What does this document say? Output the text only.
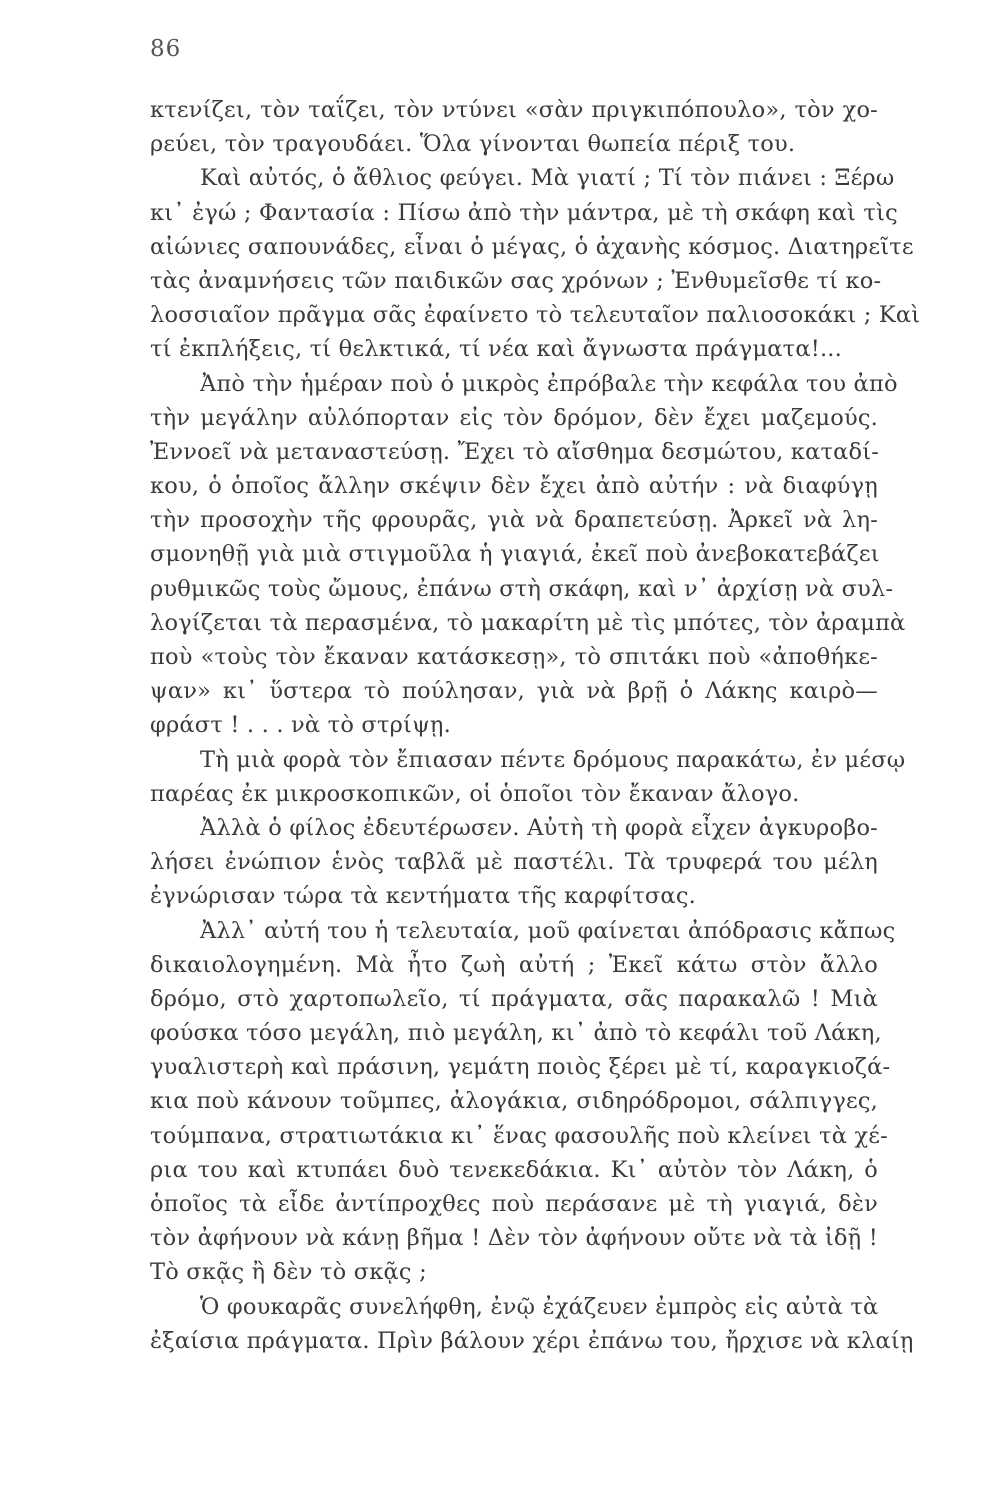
86
κτενίζει, τὸν ταΐζει, τὸν ντύνει «σὰν πριγκιπόπουλο», τὸν χο-
ρεύει, τὸν τραγουδάει. Ὅλα γίνονται θωπεία πέριξ του.
Καὶ αὐτός, ὁ ἄθλιος φεύγει. Μὰ γιατί ; Τί τὸν πιάνει : Ξέρω
κι᾽ ἐγώ ; Φαντασία : Πίσω ἀπὸ τὴν μάντρα, μὲ τὴ σκάφη καὶ τὶς
αἰώνιες σαπουνάδες, εἶναι ὁ μέγας, ὁ ἀχανὴς κόσμος. Διατηρεῖτε
τὰς ἀναμνήσεις τῶν παιδικῶν σας χρόνων ; Ἐνθυμεῖσθε τί κο-
λοσσιαῖον πρᾶγμα σᾶς ἐφαίνετο τὸ τελευταῖον παλιοσοκάκι ; Καὶ
τί ἐκπλήξεις, τί θελκτικά, τί νέα καὶ ἄγνωστα πράγματα!...
Ἀπὸ τὴν ἡμέραν ποὺ ὁ μικρὸς ἐπρόβαλε τὴν κεφάλα του ἀπὸ
τὴν μεγάλην αὐλόπορταν εἰς τὸν δρόμον, δὲν ἔχει μαζεμούς.
Ἐννοεῖ νὰ μεταναστεύσῃ. Ἔχει τὸ αἴσθημα δεσμώτου, καταδί-
κου, ὁ ὁποῖος ἄλλην σκέψιν δὲν ἔχει ἀπὸ αὐτήν : νὰ διαφύγῃ
τὴν προσοχὴν τῆς φρουρᾶς, γιὰ νὰ δραπετεύσῃ. Ἀρκεῖ νὰ λη-
σμονηθῇ γιὰ μιὰ στιγμοῦλα ἡ γιαγιά, ἐκεῖ ποὺ ἀνεβοκατεβάζει
ρυθμικῶς τοὺς ὤμους, ἐπάνω στὴ σκάφη, καὶ ν᾽ ἀρχίσῃ νὰ συλ-
λογίζεται τὰ περασμένα, τὸ μακαρίτη μὲ τὶς μπότες, τὸν ἀραμπὰ
ποὺ «τοὺς τὸν ἔκαναν κατάσκεσῃ», τὸ σπιτάκι ποὺ «ἀποθήκε-
ψαν» κι᾽ ὕστερα τὸ πούλησαν, γιὰ νὰ βρῇ ὁ Λάκης καιρὸ—
φράστ ! . . . νὰ τὸ στρίψῃ.
Τὴ μιὰ φορὰ τὸν ἔπιασαν πέντε δρόμους παρακάτω, ἐν μέσῳ
παρέας ἐκ μικροσκοπικῶν, οἱ ὁποῖοι τὸν ἔκαναν ἄλογο.
Ἀλλὰ ὁ φίλος ἐδευτέρωσεν. Αὐτὴ τὴ φορὰ εἶχεν ἀγκυροβο-
λήσει ἐνώπιον ἑνὸς ταβλᾶ μὲ παστέλι. Τὰ τρυφερά του μέλη
ἐγνώρισαν τώρα τὰ κεντήματα τῆς καρφίτσας.
Ἀλλ᾽ αὐτή του ἡ τελευταία, μοῦ φαίνεται ἀπόδρασις κἄπως
δικαιολογημένη. Μὰ ἦτο ζωὴ αὐτή ; Ἐκεῖ κάτω στὸν ἄλλο
δρόμο, στὸ χαρτοπωλεῖο, τί πράγματα, σᾶς παρακαλῶ ! Μιὰ
φούσκα τόσο μεγάλη, πιὸ μεγάλη, κι᾽ ἀπὸ τὸ κεφάλι τοῦ Λάκη,
γυαλιστερὴ καὶ πράσινη, γεμάτη ποιὸς ξέρει μὲ τί, καραγκιοζά-
κια ποὺ κάνουν τοῦμπες, ἀλογάκια, σιδηρόδρομοι, σάλπιγγες,
τούμπανα, στρατιωτάκια κι᾽ ἕνας φασουλῆς ποὺ κλείνει τὰ χέ-
ρια του καὶ κτυπάει δυὸ τενεκεδάκια. Κι᾽ αὐτὸν τὸν Λάκη, ὁ
ὁποῖος τὰ εἶδε ἀντίπροχθες ποὺ περάσανε μὲ τὴ γιαγιά, δὲν
τὸν ἀφήνουν νὰ κάνῃ βῆμα ! Δὲν τὸν ἀφήνουν οὔτε νὰ τὰ ἰδῇ !
Τὸ σκᾷς ἢ δὲν τὸ σκᾷς ;
Ὁ φουκαρᾶς συνελήφθη, ἐνῷ ἐχάζευεν ἐμπρὸς εἰς αὐτὰ τὰ
ἐξαίσια πράγματα. Πρὶν βάλουν χέρι ἐπάνω του, ἤρχισε νὰ κλαίῃ
